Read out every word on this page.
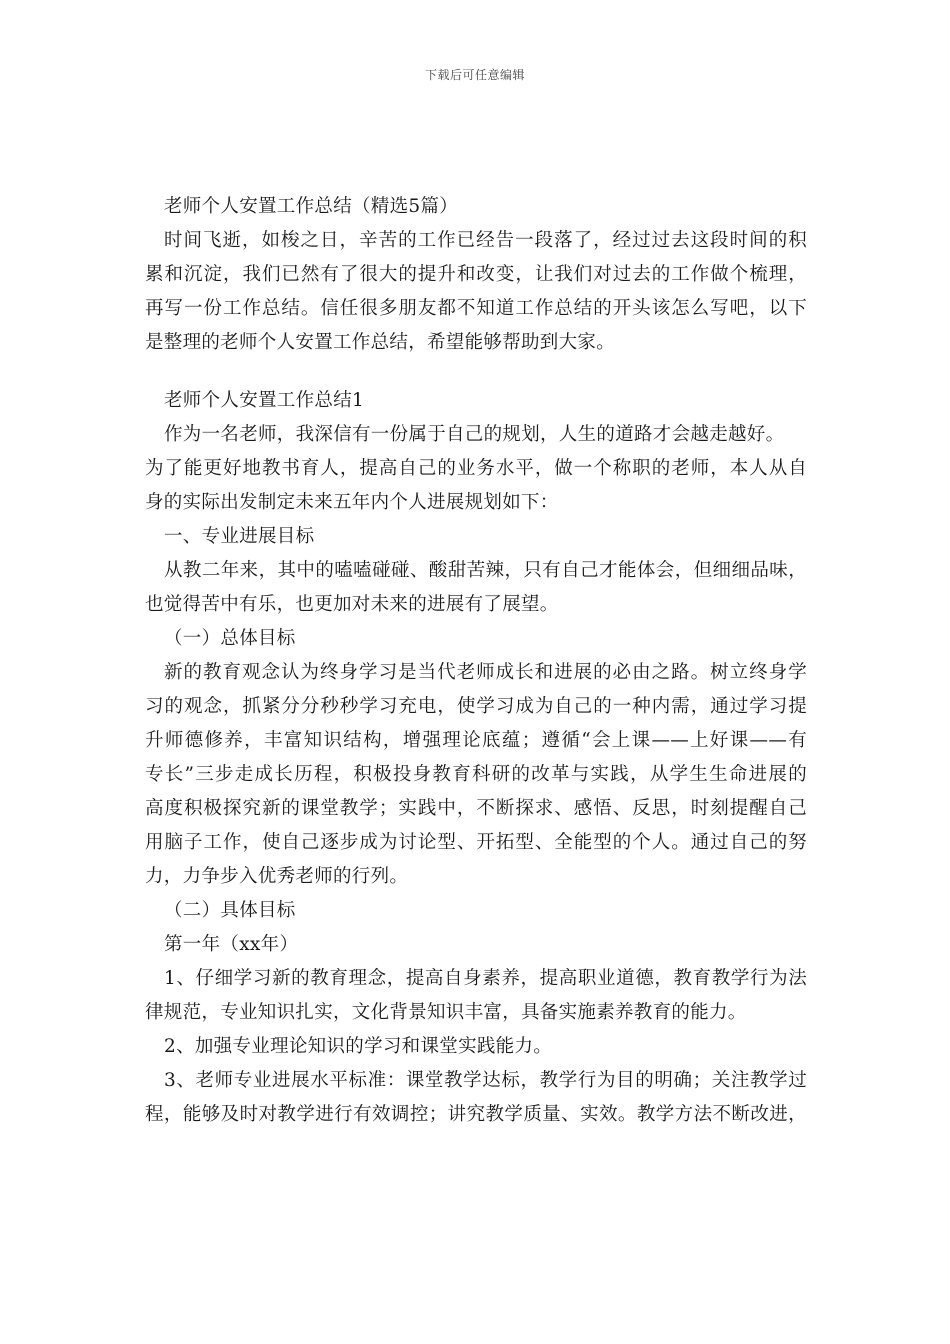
下载后可任意编辑
老师个人安置工作总结（精选5篇）
时间飞逝，如梭之日，辛苦的工作已经告一段落了，经过过去这段时间的积
累和沉淀，我们已然有了很大的提升和改变，让我们对过去的工作做个梳理，
再写一份工作总结。信任很多朋友都不知道工作总结的开头该怎么写吧，以下
是整理的老师个人安置工作总结，希望能够帮助到大家。
老师个人安置工作总结1
作为一名老师，我深信有一份属于自己的规划，人生的道路才会越走越好。
为了能更好地教书育人，提高自己的业务水平，做一个称职的老师，本人从自
身的实际出发制定未来五年内个人进展规划如下：
一、专业进展目标
从教二年来，其中的嗑嗑碰碰、酸甜苦辣，只有自己才能体会，但细细品味，
也觉得苦中有乐，也更加对未来的进展有了展望。
（一）总体目标
新的教育观念认为终身学习是当代老师成长和进展的必由之路。树立终身学
习的观念，抓紧分分秒秒学习充电，使学习成为自己的一种内需，通过学习提
升师德修养，丰富知识结构，增强理论底蕴；遵循“会上课——上好课——有
专长”三步走成长历程，积极投身教育科研的改革与实践，从学生生命进展的
高度积极探究新的课堂教学；实践中，不断探求、感悟、反思，时刻提醒自己
用脑子工作，使自己逐步成为讨论型、开拓型、全能型的个人。通过自己的努
力，力争步入优秀老师的行列。
（二）具体目标
第一年（xx年）
1、仔细学习新的教育理念，提高自身素养，提高职业道德，教育教学行为法
律规范，专业知识扎实，文化背景知识丰富，具备实施素养教育的能力。
2、加强专业理论知识的学习和课堂实践能力。
3、老师专业进展水平标准：课堂教学达标，教学行为目的明确；关注教学过
程，能够及时对教学进行有效调控；讲究教学质量、实效。教学方法不断改进，
